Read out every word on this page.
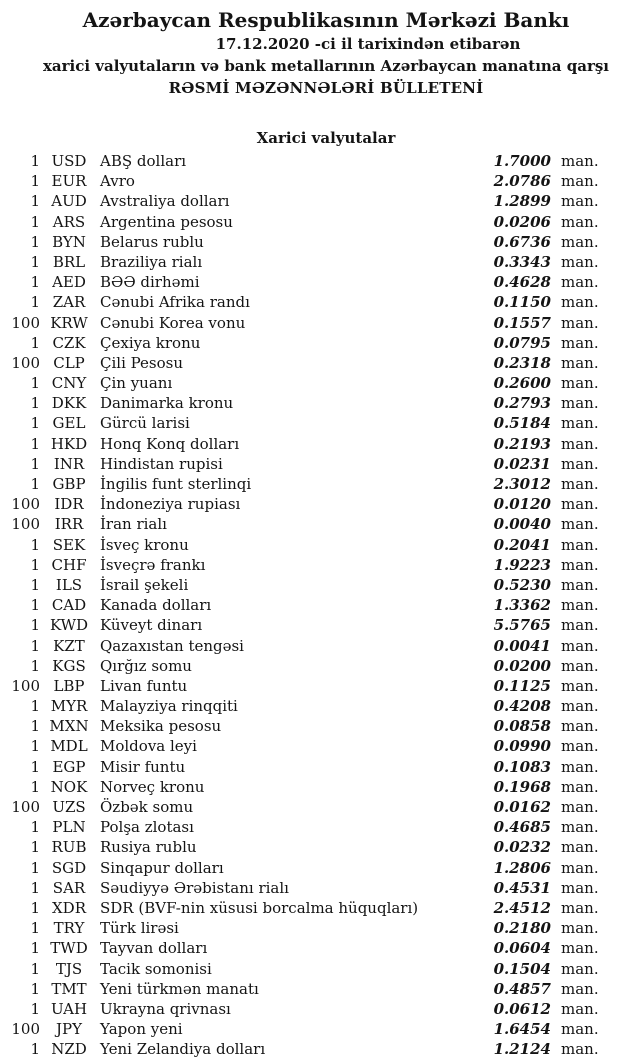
Azərbaycan Respublikasının Mərkəzi Bankı
17.12.2020 -ci il tarixindən etibarən
xarici valyutaların və bank metallarının Azərbaycan manatına qarşı
RƏSMİ MƏZƏNNƏLƏRİ BÜLLETENİ
Xarici valyutalar
1 USD ABŞ dolları	1.7000 man.
1 EUR Avro	2.0786 man.
1 AUD Avstraliya dolları	1.2899 man.
1 ARS Argentina pesosu	0.0206 man.
1 BYN Belarus rublu	0.6736 man.
1 BRL Braziliya rialı	0.3343 man.
1 AED BƏƏ dirhəmi	0.4628 man.
1 ZAR Cənubi Afrika randı	0.1150 man.
100 KRW Cənubi Korea vonu	0.1557 man.
1 CZK Çexiya kronu	0.0795 man.
100 CLP	Çili Pesosu	0.2318 man.
1 CNY Çin yuanı	0.2600 man.
1 DKK Danimarka kronu	0.2793 man.
1 GEL Gürcü larisi	0.5184 man.
1 HKD Honq Konq dolları	0.2193 man.
1 INR	Hindistan rupisi	0.0231 man.
1 GBP İngilis funt sterlinqi	2.3012 man.
100 IDR	İndoneziya rupiası	0.0120 man.
100 IRR	İran rialı	0.0040 man.
1 SEK İsveç kronu	0.2041 man.
1 CHF İsveçrə frankı	1.9223 man.
1	ILS	İsrail şekeli	0.5230 man.
1 CAD Kanada dolları	1.3362 man.
1 KWD Küveyt dinarı	5.5765 man.
1 KZT	Qazaxıstan tengəsi	0.0041 man.
1 KGS Qırğız somu	0.0200 man.
100 LBP	Livan funtu	0.1125 man.
1 MYR Malayziya rinqqiti	0.4208 man.
1 MXN Meksika pesosu	0.0858 man.
1 MDL Moldova leyi	0.0990 man.
1 EGP Misir funtu	0.1083 man.
1 NOK Norveç kronu	0.1968 man.
100 UZS Özbək somu	0.0162 man.
1 PLN Polşa zlotası	0.4685 man.
1 RUB Rusiya rublu	0.0232 man.
1 SGD Sinqapur dolları	1.2806 man.
1 SAR Səudiyyə Ərəbistanı rialı	0.4531 man.
1 XDR SDR (BVF-nin xüsusi borcalma hüquqları)	2.4512 man.
1 TRY	Türk lirəsi	0.2180 man.
1 TWD Tayvan dolları	0.0604 man.
1	TJS	Tacik somonisi	0.1504 man.
1 TMT Yeni türkmən manatı	0.4857 man.
1 UAH Ukrayna qrivnası	0.0612 man.
100	JPY	Yapon yeni	1.6454 man.
1 NZD Yeni Zelandiya dolları	1.2124 man.
